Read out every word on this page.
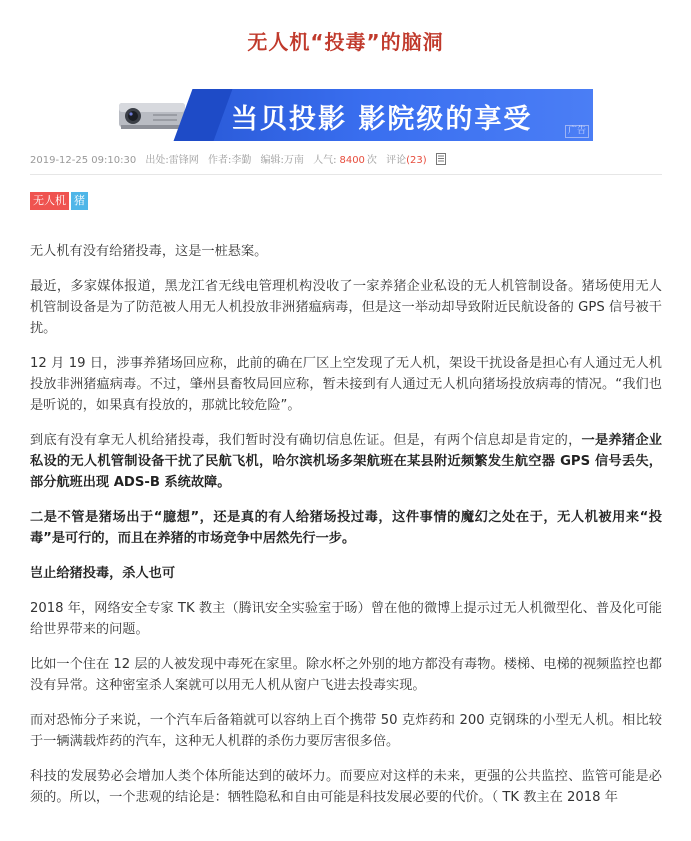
无人机“投毒”的脑洞
当贝投影 影院级的享受	广告
2019-12-25 09:10:30 出处:雷锋网 作者:李勤 编辑:万南 人气: 8400 次 评论(23)
无人机 猪

无人机有没有给猪投毒，这是一桩悬案。

最近，多家媒体报道，黑龙江省无线电管理机构没收了一家养猪企业私设的无人机管制设备。猪场使用无人机管制设备是为了防范被人用无人机投放非洲猪瘟病毒，但是这一举动却导致附近民航设备的 GPS 信号被干扰。

12 月 19 日，涉事养猪场回应称，此前的确在厂区上空发现了无人机，架设干扰设备是担心有人通过无人机投放非洲猪瘟病毒。不过，肇州县畜牧局回应称，暂未接到有人通过无人机向猪场投放病毒的情况。“我们也是听说的，如果真有投放的，那就比较危险”。

到底有没有拿无人机给猪投毒，我们暂时没有确切信息佐证。但是，有两个信息却是肯定的，一是养猪企业私设的无人机管制设备干扰了民航飞机，哈尔滨机场多架航班在某县附近频繁发生航空器 GPS 信号丢失，部分航班出现 ADS-B 系统故障。

二是不管是猪场出于“臆想”，还是真的有人给猪场投过毒，这件事情的魔幻之处在于，无人机被用来“投毒”是可行的，而且在养猪的市场竞争中居然先行一步。

岂止给猪投毒，杀人也可

2018 年，网络安全专家 TK 教主（腾讯安全实验室于旸）曾在他的微博上提示过无人机微型化、普及化可能给世界带来的问题。

比如一个住在 12 层的人被发现中毒死在家里。除水杯之外别的地方都没有毒物。楼梯、电梯的视频监控也都没有异常。这种密室杀人案就可以用无人机从窗户飞进去投毒实现。

而对恐怖分子来说，一个汽车后备箱就可以容纳上百个携带 50 克炸药和 200 克钢珠的小型无人机。相比较于一辆满载炸药的汽车，这种无人机群的杀伤力要厉害很多倍。

科技的发展势必会增加人类个体所能达到的破坏力。而要应对这样的未来，更强的公共监控、监管可能是必须的。所以，一个悲观的结论是：牺牲隐私和自由可能是科技发展必要的代价。（ TK 教主在 2018 年
